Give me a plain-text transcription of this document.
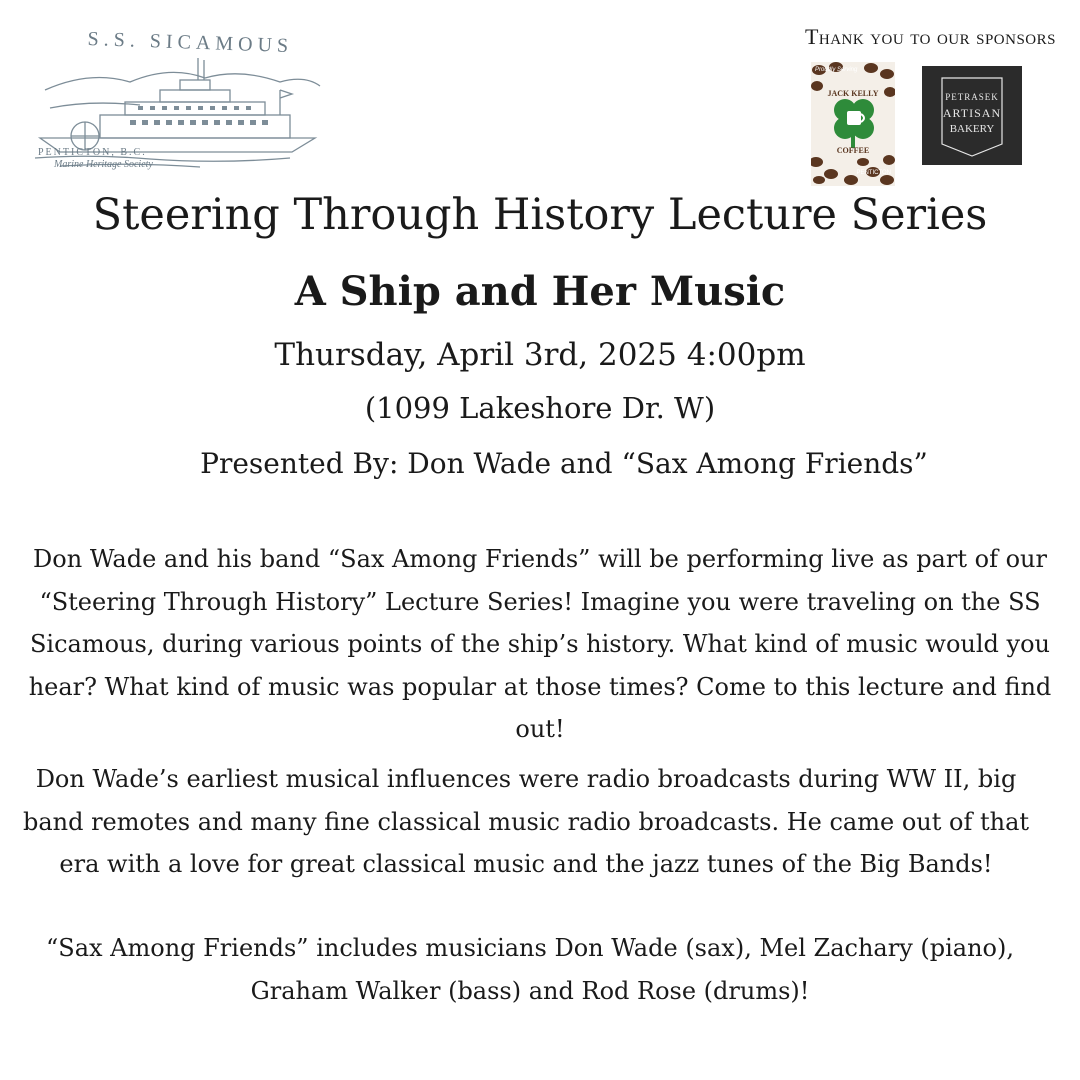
S.S. SICAMOUS
PENTICTON, B.C.
Marine Heritage Society
Thank you to our sponsors
Proudly Serving
JACK KELLY
COFFEE
PENTICTON
PETRASEK
ARTISAN
BAKERY
Steering Through History Lecture Series
A Ship and Her Music
Thursday, April 3rd, 2025 4:00pm
(1099 Lakeshore Dr. W)
Presented By: Don Wade and “Sax Among Friends”
Don Wade and his band “Sax Among Friends” will be performing live as part of our “Steering Through History” Lecture Series! Imagine you were traveling on the SS Sicamous, during various points of the ship’s history. What kind of music would you hear? What kind of music was popular at those times? Come to this lecture and find out!
Don Wade’s earliest musical influences were radio broadcasts during WW II, big band remotes and many fine classical music radio broadcasts. He came out of that era with a love for great classical music and the jazz tunes of the Big Bands!
“Sax Among Friends” includes musicians Don Wade (sax), Mel Zachary (piano), Graham Walker (bass) and Rod Rose (drums)!
